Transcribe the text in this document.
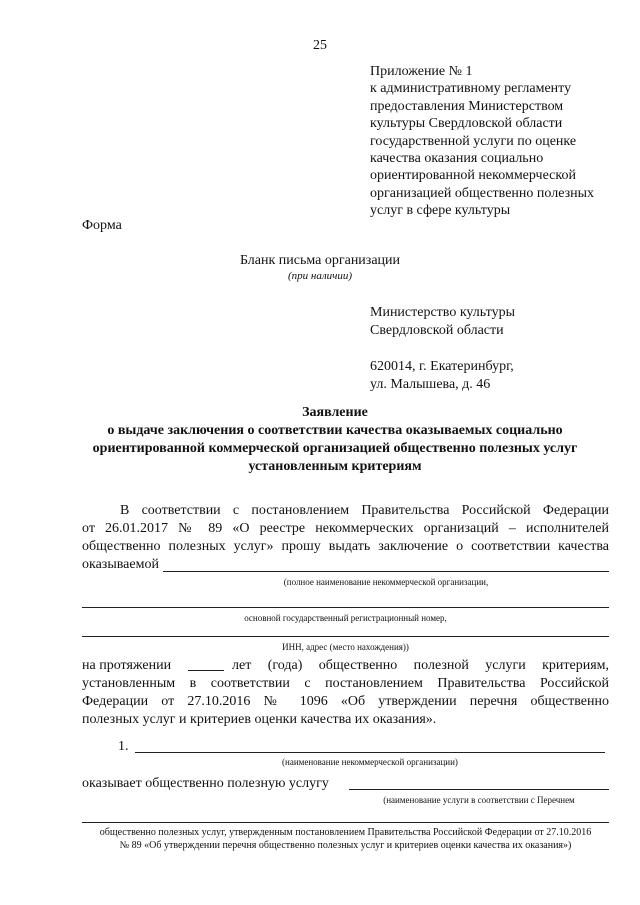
25
Приложение № 1
к административному регламенту
предоставления Министерством
культуры Свердловской области
государственной услуги по оценке
качества оказания социально
ориентированной некоммерческой
организацией общественно полезных
услуг в сфере культуры
Форма
Бланк письма организации
(при наличии)
Министерство культуры
Свердловской области
620014, г. Екатеринбург,
ул. Малышева, д. 46
Заявление
о выдаче заключения о соответствии качества оказываемых социально
ориентированной коммерческой организацией общественно полезных услуг
установленным критериям
В соответствии с постановлением Правительства Российской Федерации
от 26.01.2017 № 89 «О реестре некоммерческих организаций – исполнителей
общественно полезных услуг» прошу выдать заключение о соответствии качества
оказываемой
(полное наименование некоммерческой организации,
основной государственный регистрационный номер,
ИНН, адрес (место нахождения))
на протяжении	лет (года) общественно полезной услуги критериям,
установленным в соответствии с постановлением Правительства Российской
Федерации от 27.10.2016 № 1096 «Об утверждении перечня общественно
полезных услуг и критериев оценки качества их оказания».
1.
(наименование некоммерческой организации)
оказывает общественно полезную услугу
(наименование услуги в соответствии с Перечнем
общественно полезных услуг, утвержденным постановлением Правительства Российской Федерации от 27.10.2016
№ 89 «Об утверждении перечня общественно полезных услуг и критериев оценки качества их оказания»)
